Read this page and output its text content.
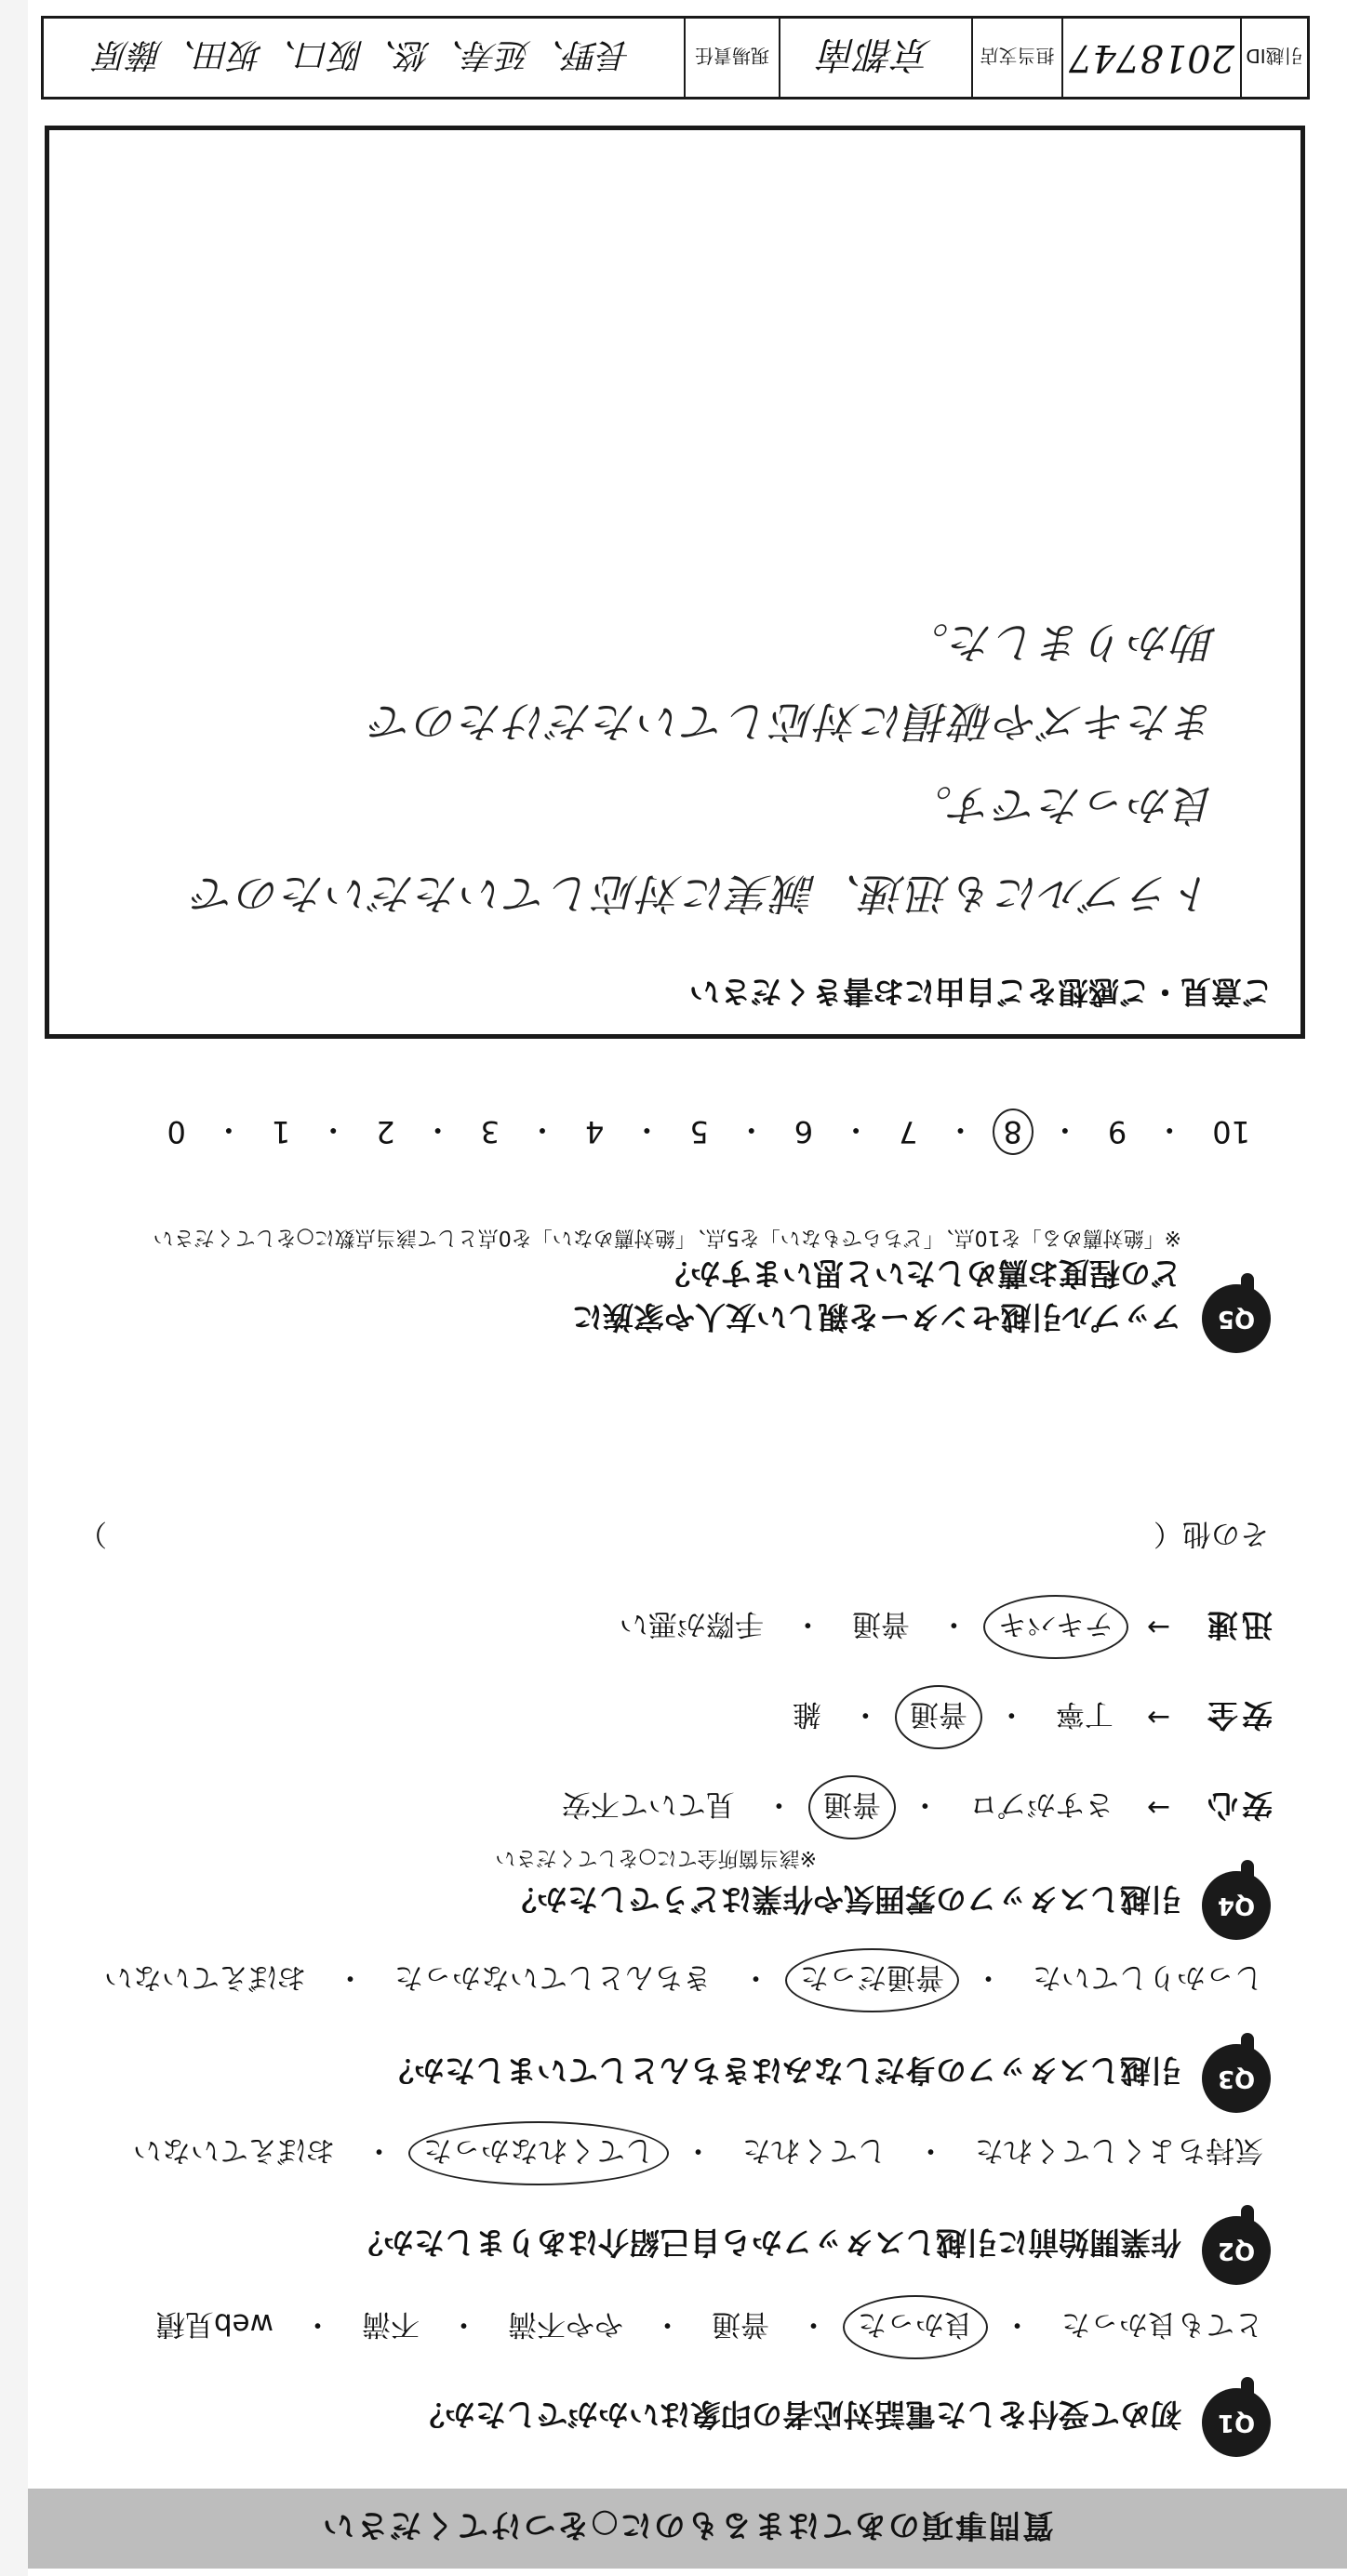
質問事項のあてはまるものに○をつけてください
Q1
初めて受付をした電話対応者の印象はいかがでしたか？
とても良かった
・
良かった
・
普通
・
やや不満
・
不満
・
web見積
Q2
作業開始前に引越しスタッフから自己紹介はありましたか？
気持ちよくしてくれた
・
してくれた
・
してくれなかった
・
おぼえていない
Q3
引越しスタッフの身だしなみはきちんとしていましたか？
しっかりしていた
・
普通だった
・
きちんとしていなかった
・
おぼえていない
Q4
引越しスタッフの雰囲気や作業はどうでしたか？
※該当箇所全てに○をしてください
安心
→
さすがプロ
・
普通
・
見ていて不安
安全
→
丁寧
・
普通
・
雑
迅速
→
テキパキ
・
普通
・
手際が悪い
その他（
）
Q5
アップル引越センターを親しい友人や家族に
どの程度お薦めしたいと思いますか？
※「絶対薦める」を10点、「どちらでもない」を5点、「絶対薦めない」を0点として該当点数に○をしてください
10
・
9
・
8
・
7
・
6
・
5
・
4
・
3
・
2
・
1
・
0
ご意見・ご感想をご自由にお書きください
トラブルにも迅速、誠実に対応していただいたので
良かったです。
またキズや破損に対応していただけたので
助かりました。
引越ID
2018747
担当支店
京都南
現場責任
長野、延寿、悠、阪口、坂田、藤原
